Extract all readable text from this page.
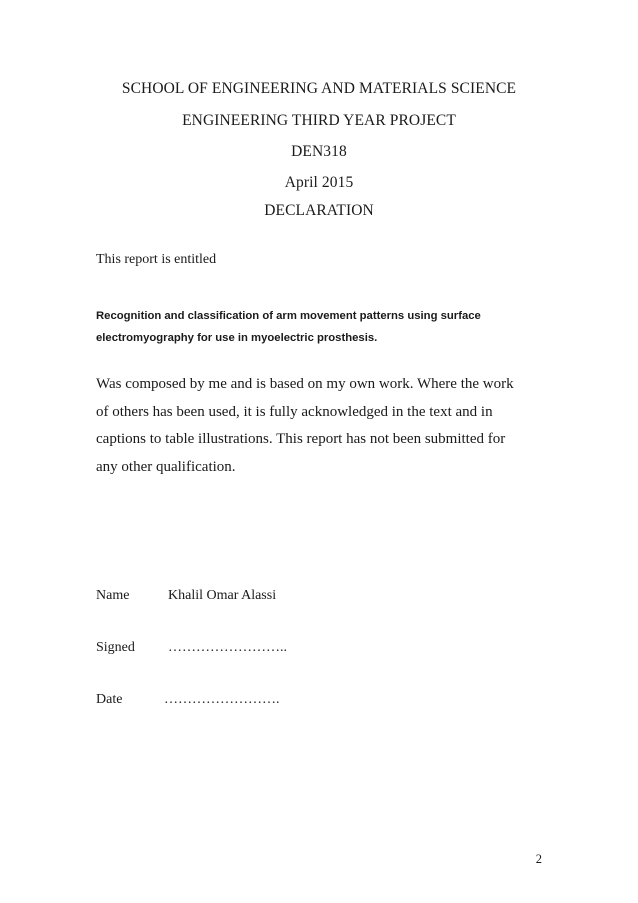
SCHOOL OF ENGINEERING AND MATERIALS SCIENCE
ENGINEERING THIRD YEAR PROJECT
DEN318
April 2015
DECLARATION
This report is entitled
Recognition and classification of arm movement patterns using surface
electromyography for use in myoelectric prosthesis.
Was composed by me and is based on my own work. Where the work
of others has been used, it is fully acknowledged in the text and in
captions to table illustrations. This report has not been submitted for
any other qualification.
Name	Khalil Omar Alassi
Signed ……………………..
Date	…………………….
2
